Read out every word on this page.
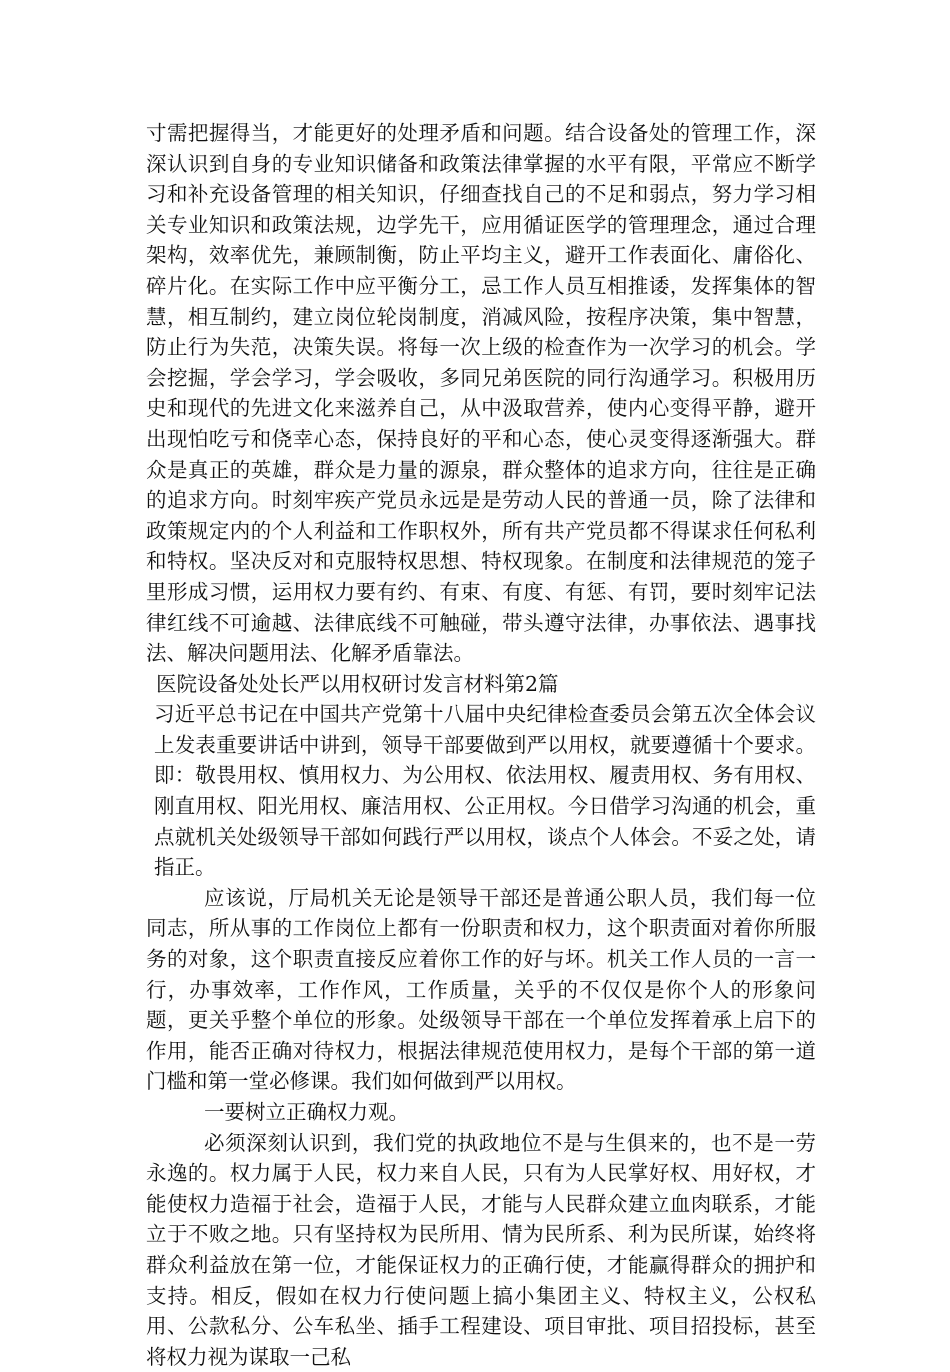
寸需把握得当，才能更好的处理矛盾和问题。结合设备处的管理工作，深深认识到自身的专业知识储备和政策法律掌握的水平有限，平常应不断学习和补充设备管理的相关知识，仔细查找自己的不足和弱点，努力学习相关专业知识和政策法规，边学先干，应用循证医学的管理理念，通过合理架构，效率优先，兼顾制衡，防止平均主义，避开工作表面化、庸俗化、碎片化。在实际工作中应平衡分工，忌工作人员互相推诿，发挥集体的智慧，相互制约，建立岗位轮岗制度，消减风险，按程序决策，集中智慧，防止行为失范，决策失误。将每一次上级的检查作为一次学习的机会。学会挖掘，学会学习，学会吸收，多同兄弟医院的同行沟通学习。积极用历史和现代的先进文化来滋养自己，从中汲取营养，使内心变得平静，避开出现怕吃亏和侥幸心态，保持良好的平和心态，使心灵变得逐渐强大。群众是真正的英雄，群众是力量的源泉，群众整体的追求方向，往往是正确的追求方向。时刻牢疾产党员永远是是劳动人民的普通一员，除了法律和政策规定内的个人利益和工作职权外，所有共产党员都不得谋求任何私利和特权。坚决反对和克服特权思想、特权现象。在制度和法律规范的笼子里形成习惯，运用权力要有约、有束、有度、有惩、有罚，要时刻牢记法律红线不可逾越、法律底线不可触碰，带头遵守法律，办事依法、遇事找法、解决问题用法、化解矛盾靠法。

医院设备处处长严以用权研讨发言材料第2篇

习近平总书记在中国共产党第十八届中央纪律检查委员会第五次全体会议上发表重要讲话中讲到，领导干部要做到严以用权，就要遵循十个要求。即：敬畏用权、慎用权力、为公用权、依法用权、履责用权、务有用权、刚直用权、阳光用权、廉洁用权、公正用权。今日借学习沟通的机会，重点就机关处级领导干部如何践行严以用权，谈点个人体会。不妥之处，请指正。

应该说，厅局机关无论是领导干部还是普通公职人员，我们每一位同志，所从事的工作岗位上都有一份职责和权力，这个职责面对着你所服务的对象，这个职责直接反应着你工作的好与坏。机关工作人员的一言一行，办事效率，工作作风，工作质量，关乎的不仅仅是你个人的形象问题，更关乎整个单位的形象。处级领导干部在一个单位发挥着承上启下的作用，能否正确对待权力，根据法律规范使用权力，是每个干部的第一道门槛和第一堂必修课。我们如何做到严以用权。

一要树立正确权力观。

必须深刻认识到，我们党的执政地位不是与生俱来的，也不是一劳永逸的。权力属于人民，权力来自人民，只有为人民掌好权、用好权，才能使权力造福于社会，造福于人民，才能与人民群众建立血肉联系，才能立于不败之地。只有坚持权为民所用、情为民所系、利为民所谋，始终将群众利益放在第一位，才能保证权力的正确行使，才能赢得群众的拥护和支持。相反，假如在权力行使问题上搞小集团主义、特权主义，公权私用、公款私分、公车私坐、插手工程建设、项目审批、项目招投标，甚至将权力视为谋取一己私
